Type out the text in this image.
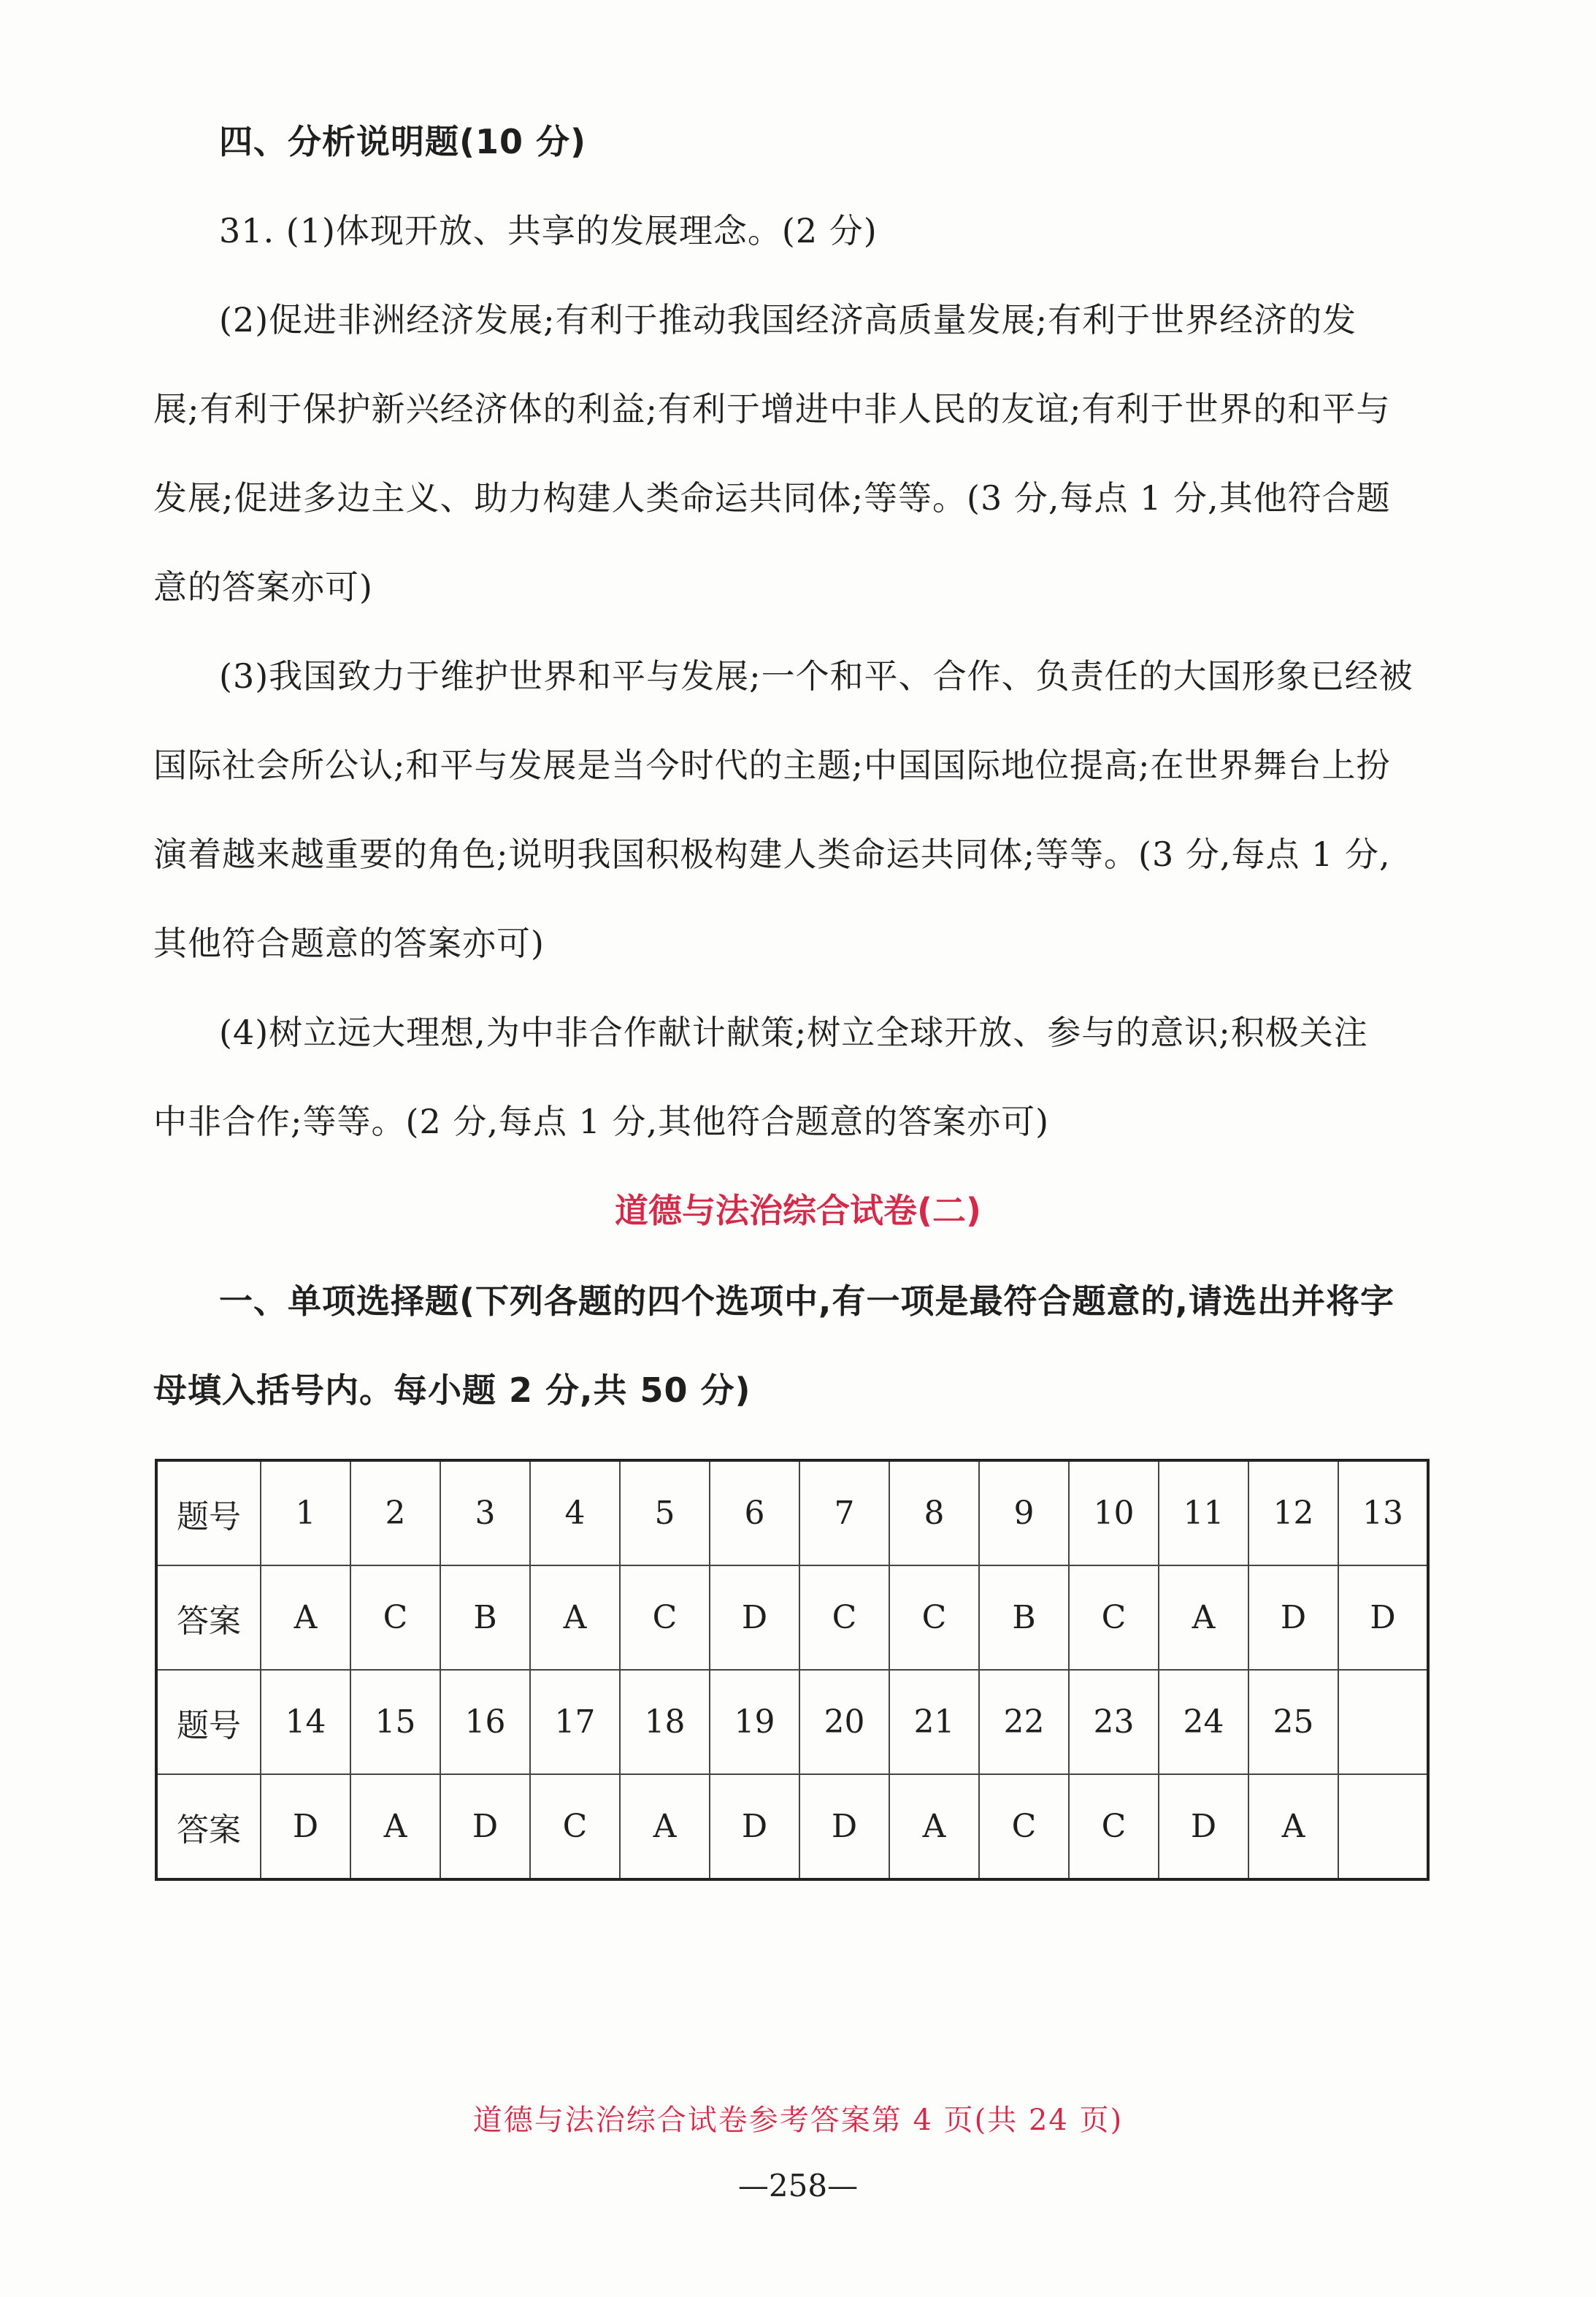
四、分析说明题(10 分)
31. (1)体现开放、共享的发展理念。(2 分)
(2)促进非洲经济发展;有利于推动我国经济高质量发展;有利于世界经济的发
展;有利于保护新兴经济体的利益;有利于增进中非人民的友谊;有利于世界的和平与
发展;促进多边主义、助力构建人类命运共同体;等等。(3 分,每点 1 分,其他符合题
意的答案亦可)
(3)我国致力于维护世界和平与发展;一个和平、合作、负责任的大国形象已经被
国际社会所公认;和平与发展是当今时代的主题;中国国际地位提高;在世界舞台上扮
演着越来越重要的角色;说明我国积极构建人类命运共同体;等等。(3 分,每点 1 分,
其他符合题意的答案亦可)
(4)树立远大理想,为中非合作献计献策;树立全球开放、参与的意识;积极关注
中非合作;等等。(2 分,每点 1 分,其他符合题意的答案亦可)
道德与法治综合试卷(二)
一、单项选择题(下列各题的四个选项中,有一项是最符合题意的,请选出并将字
母填入括号内。每小题 2 分,共 50 分)
题号	1	2	3	4	5	6	7	8	9	10	11	12	13
答案	A	C	B	A	C	D	C	C	B	C	A	D	D
题号	14	15	16	17	18	19	20	21	22	23	24	25	
答案	D	A	D	C	A	D	D	A	C	C	D	A	
道德与法治综合试卷参考答案第 4 页(共 24 页)
—258—
